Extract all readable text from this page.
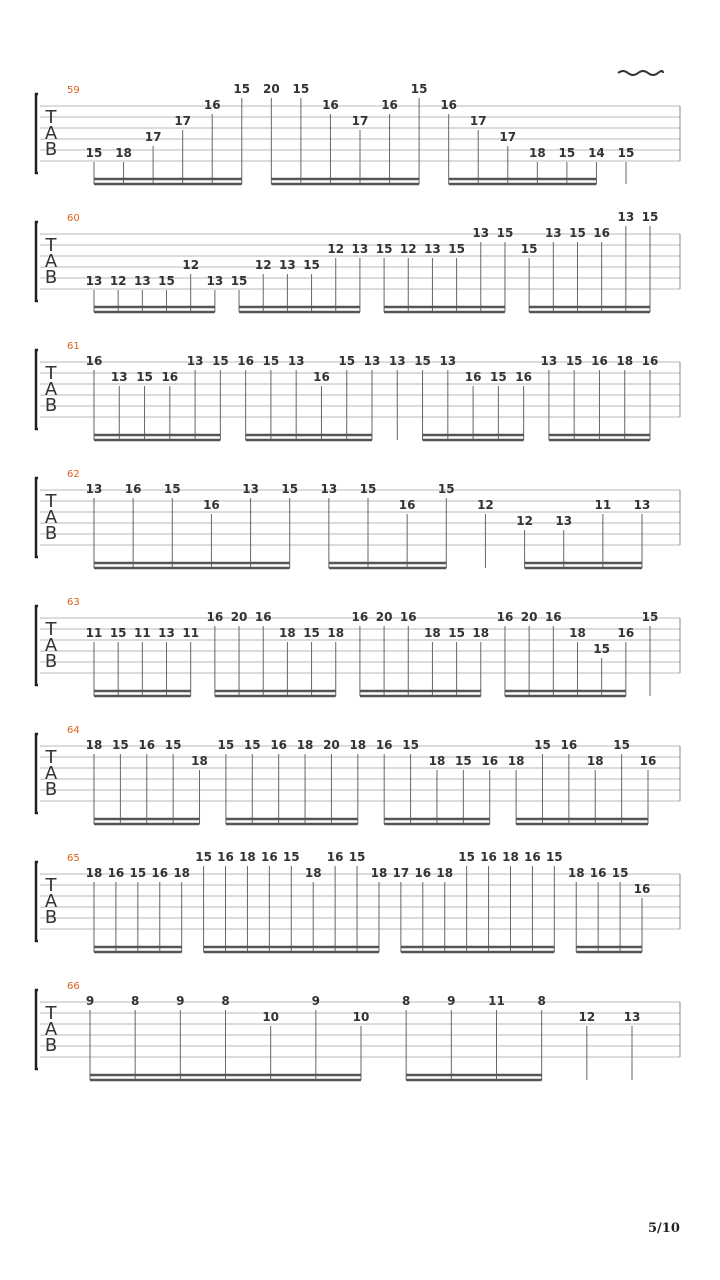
T
A
B
59
15 18
17
17
16
15 20 15
16
17
16
15
16
17
17
18 15 14 15
T
A
B
60
13 12 13 15
12
13 15
12 13 15
12 13 15 12 13 15
13 15
15
13 15 16
13 15
T
A
B
61
16
13 15 16
13 15 16 15 13
16
15 13 13 15 13
16 15 16
13 15 16 18 16
T
A
B
62
13 16 15
16
13 15 13 15
16
15
12
12 13
11 13
T
A
B
63
11 15 11 13 11
16 20 16
18 15 18
16 20 16
18 15 18
16 20 16
18
15
16
15
T
A
B
64
18 15 16 15
18
15 15 16 18 20 18 16 15
18 15 16 18
15 16
18
15
16
T
A
B
65
18 16 15 16 18
15 16 18 16 15
18
16 15
18 17 16 18
15 16 18 16 15
18 16 15
16
T
A
B
66
9	8	9	8
10
9
10
8	9	11	8
12 13
5/10
